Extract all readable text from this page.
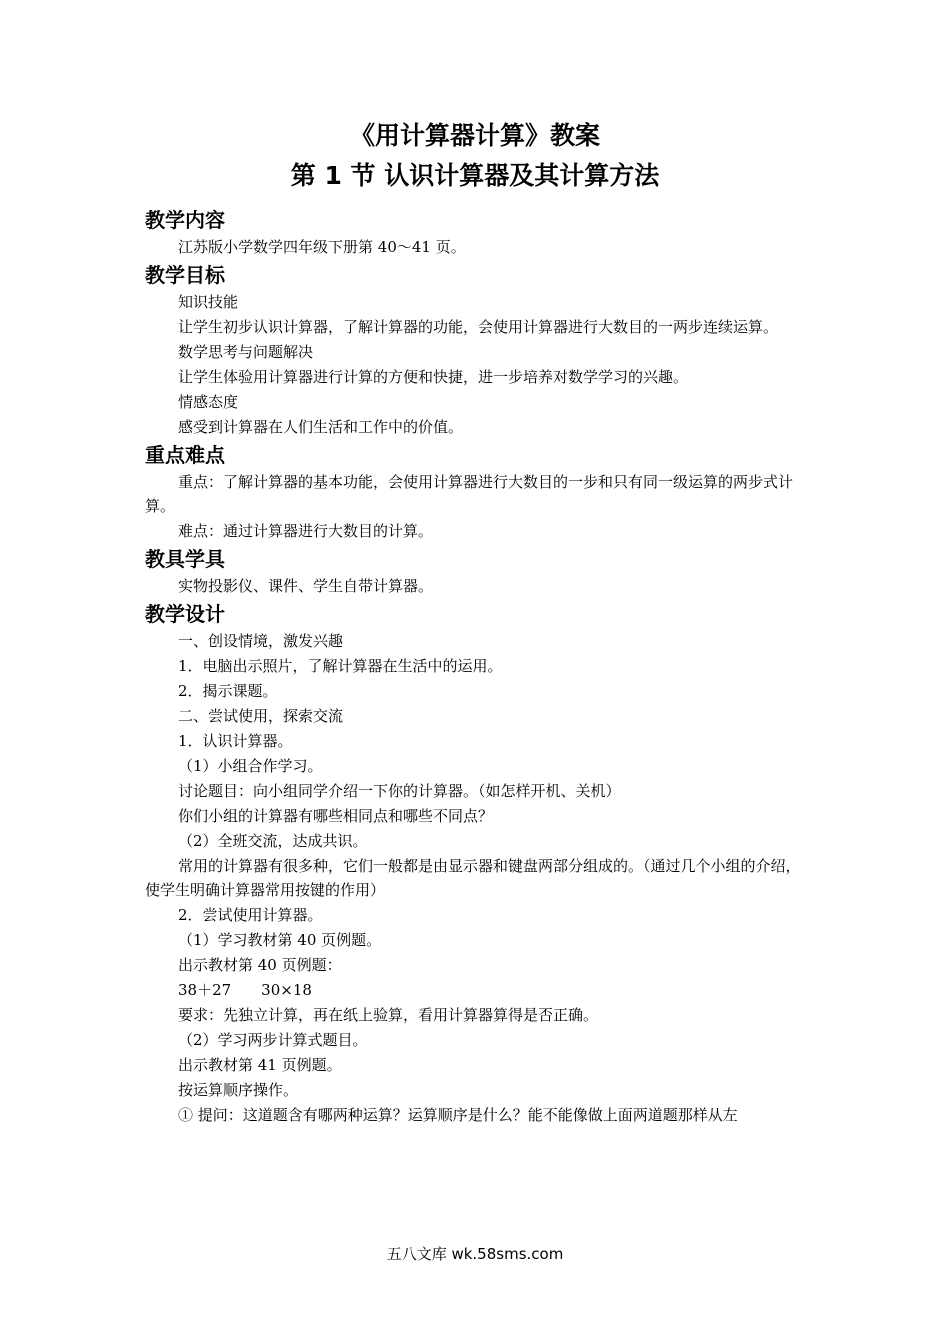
《用计算器计算》教案
第 1 节 认识计算器及其计算方法
教学内容
江苏版小学数学四年级下册第 40～41 页。
教学目标
知识技能
让学生初步认识计算器，了解计算器的功能，会使用计算器进行大数目的一两步连续运算。
数学思考与问题解决
让学生体验用计算器进行计算的方便和快捷，进一步培养对数学学习的兴趣。
情感态度
感受到计算器在人们生活和工作中的价值。
重点难点
重点：了解计算器的基本功能，会使用计算器进行大数目的一步和只有同一级运算的两步式计算。
难点：通过计算器进行大数目的计算。
教具学具
实物投影仪、课件、学生自带计算器。
教学设计
一、创设情境，激发兴趣
1．电脑出示照片，了解计算器在生活中的运用。
2．揭示课题。
二、尝试使用，探索交流
1．认识计算器。
（1）小组合作学习。
讨论题目：向小组同学介绍一下你的计算器。（如怎样开机、关机）
你们小组的计算器有哪些相同点和哪些不同点？
（2）全班交流，达成共识。
常用的计算器有很多种，它们一般都是由显示器和键盘两部分组成的。（通过几个小组的介绍，使学生明确计算器常用按键的作用）
2．尝试使用计算器。
（1）学习教材第 40 页例题。
出示教材第 40 页例题：
38＋27　　30×18
要求：先独立计算，再在纸上验算，看用计算器算得是否正确。
（2）学习两步计算式题目。
出示教材第 41 页例题。
按运算顺序操作。
① 提问：这道题含有哪两种运算？运算顺序是什么？能不能像做上面两道题那样从左
五八文库 wk.58sms.com
